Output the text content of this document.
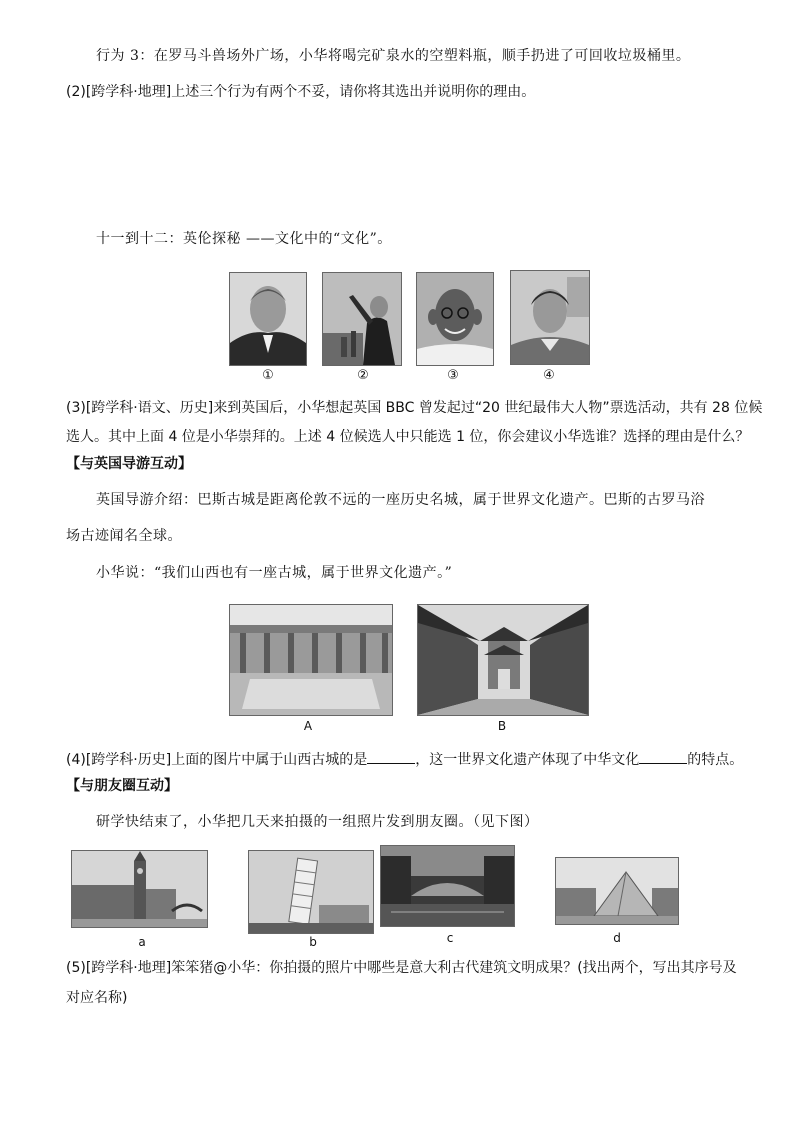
行为 3：在罗马斗兽场外广场，小华将喝完矿泉水的空塑料瓶，顺手扔进了可回收垃圾桶里。
(2)[跨学科·地理]上述三个行为有两个不妥，请你将其选出并说明你的理由。
十一到十二：英伦探秘 ——文化中的“文化”。
①	②	③	④
(3)[跨学科·语文、历史]来到英国后，小华想起英国 BBC 曾发起过“20 世纪最伟大人物”票选活动，共有 28 位候
选人。其中上面 4 位是小华崇拜的。上述 4 位候选人中只能选 1 位，你会建议小华选谁？选择的理由是什么？
【与英国导游互动】
英国导游介绍：巴斯古城是距离伦敦不远的一座历史名城，属于世界文化遗产。巴斯的古罗马浴
场古迹闻名全球。
小华说：“我们山西也有一座古城，属于世界文化遗产。”
A	B
(4)[跨学科·历史]上面的图片中属于山西古城的是	，这一世界文化遗产体现了中华文化	的特点。
【与朋友圈互动】
研学快结束了，小华把几天来拍摄的一组照片发到朋友圈。（见下图）
a	b	c	d
(5)[跨学科·地理]笨笨猪@小华：你拍摄的照片中哪些是意大利古代建筑文明成果？(找出两个，写出其序号及
对应名称)
